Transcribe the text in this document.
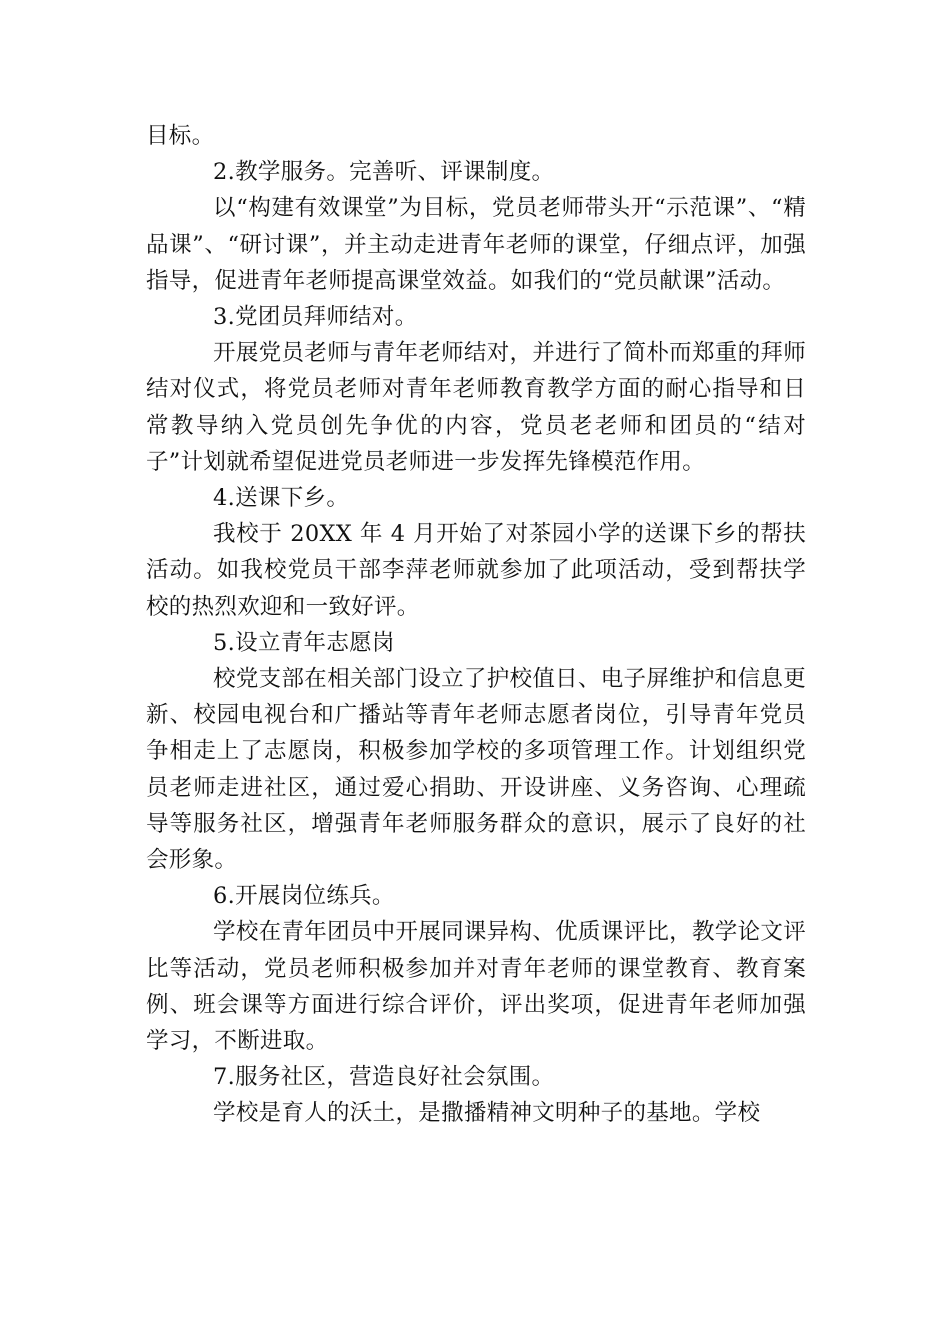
目标。

2.教学服务。完善听、评课制度。

以“构建有效课堂”为目标，党员老师带头开“示范课”、“精品课”、“研讨课”，并主动走进青年老师的课堂，仔细点评，加强指导，促进青年老师提高课堂效益。如我们的“党员献课”活动。

3.党团员拜师结对。

开展党员老师与青年老师结对，并进行了简朴而郑重的拜师结对仪式，将党员老师对青年老师教育教学方面的耐心指导和日常教导纳入党员创先争优的内容，党员老老师和团员的“结对子”计划就希望促进党员老师进一步发挥先锋模范作用。

4.送课下乡。

我校于 20XX 年 4 月开始了对茶园小学的送课下乡的帮扶活动。如我校党员干部李萍老师就参加了此项活动，受到帮扶学校的热烈欢迎和一致好评。

5.设立青年志愿岗

校党支部在相关部门设立了护校值日、电子屏维护和信息更新、校园电视台和广播站等青年老师志愿者岗位，引导青年党员争相走上了志愿岗，积极参加学校的多项管理工作。计划组织党员老师走进社区，通过爱心捐助、开设讲座、义务咨询、心理疏导等服务社区，增强青年老师服务群众的意识，展示了良好的社会形象。

6.开展岗位练兵。

学校在青年团员中开展同课异构、优质课评比，教学论文评比等活动，党员老师积极参加并对青年老师的课堂教育、教育案例、班会课等方面进行综合评价，评出奖项，促进青年老师加强学习，不断进取。

7.服务社区，营造良好社会氛围。

学校是育人的沃土，是撒播精神文明种子的基地。学校
